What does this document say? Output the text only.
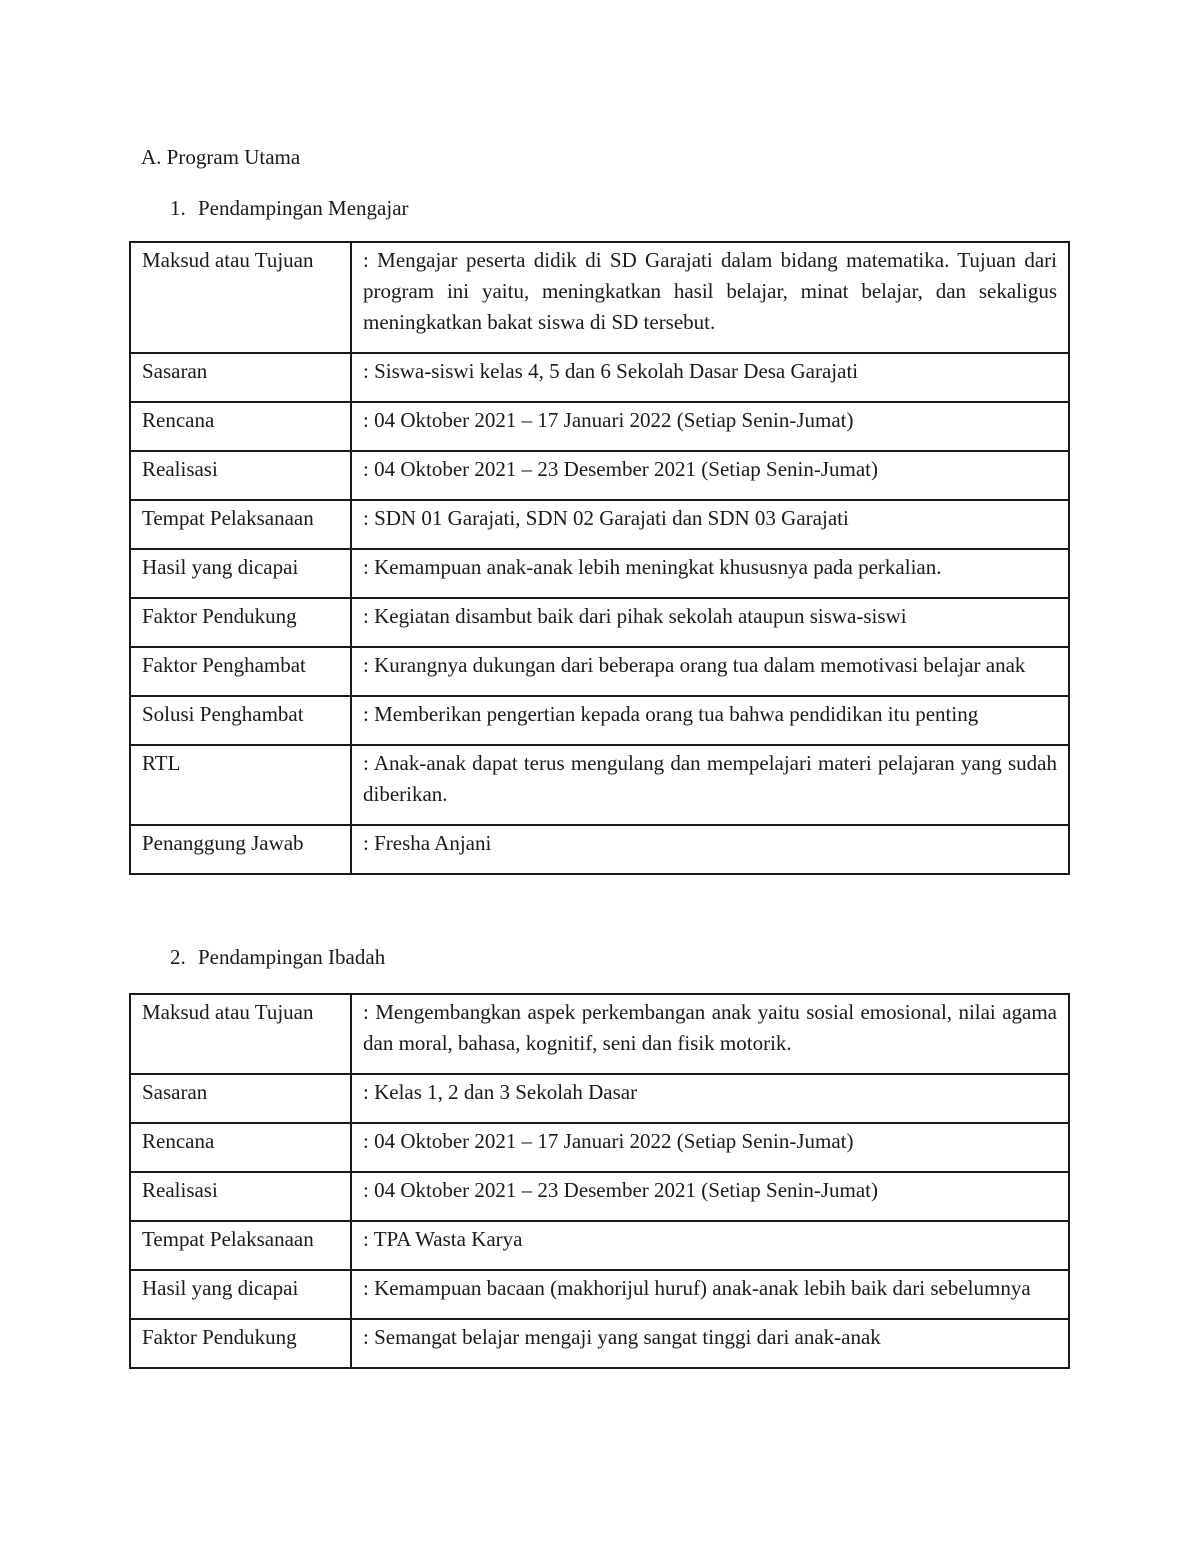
A. Program Utama
1. Pendampingan Mengajar
Maksud atau Tujuan	: Mengajar peserta didik di SD Garajati dalam bidang matematika. Tujuan dari program ini yaitu, meningkatkan hasil belajar, minat belajar, dan sekaligus meningkatkan bakat siswa di SD tersebut.
Sasaran	: Siswa-siswi kelas 4, 5 dan 6 Sekolah Dasar Desa Garajati
Rencana	: 04 Oktober 2021 – 17 Januari 2022 (Setiap Senin-Jumat)
Realisasi	: 04 Oktober 2021 – 23 Desember 2021 (Setiap Senin-Jumat)
Tempat Pelaksanaan	: SDN 01 Garajati, SDN 02 Garajati dan SDN 03 Garajati
Hasil yang dicapai	: Kemampuan anak-anak lebih meningkat khususnya pada perkalian.
Faktor Pendukung	: Kegiatan disambut baik dari pihak sekolah ataupun siswa-siswi
Faktor Penghambat	: Kurangnya dukungan dari beberapa orang tua dalam memotivasi belajar anak
Solusi Penghambat	: Memberikan pengertian kepada orang tua bahwa pendidikan itu penting
RTL	: Anak-anak dapat terus mengulang dan mempelajari materi pelajaran yang sudah diberikan.
Penanggung Jawab	: Fresha Anjani
2. Pendampingan Ibadah
Maksud atau Tujuan	: Mengembangkan aspek perkembangan anak yaitu sosial emosional, nilai agama dan moral, bahasa, kognitif, seni dan fisik motorik.
Sasaran	: Kelas 1, 2 dan 3 Sekolah Dasar
Rencana	: 04 Oktober 2021 – 17 Januari 2022 (Setiap Senin-Jumat)
Realisasi	: 04 Oktober 2021 – 23 Desember 2021 (Setiap Senin-Jumat)
Tempat Pelaksanaan	: TPA Wasta Karya
Hasil yang dicapai	: Kemampuan bacaan (makhorijul huruf) anak-anak lebih baik dari sebelumnya
Faktor Pendukung	: Semangat belajar mengaji yang sangat tinggi dari anak-anak
